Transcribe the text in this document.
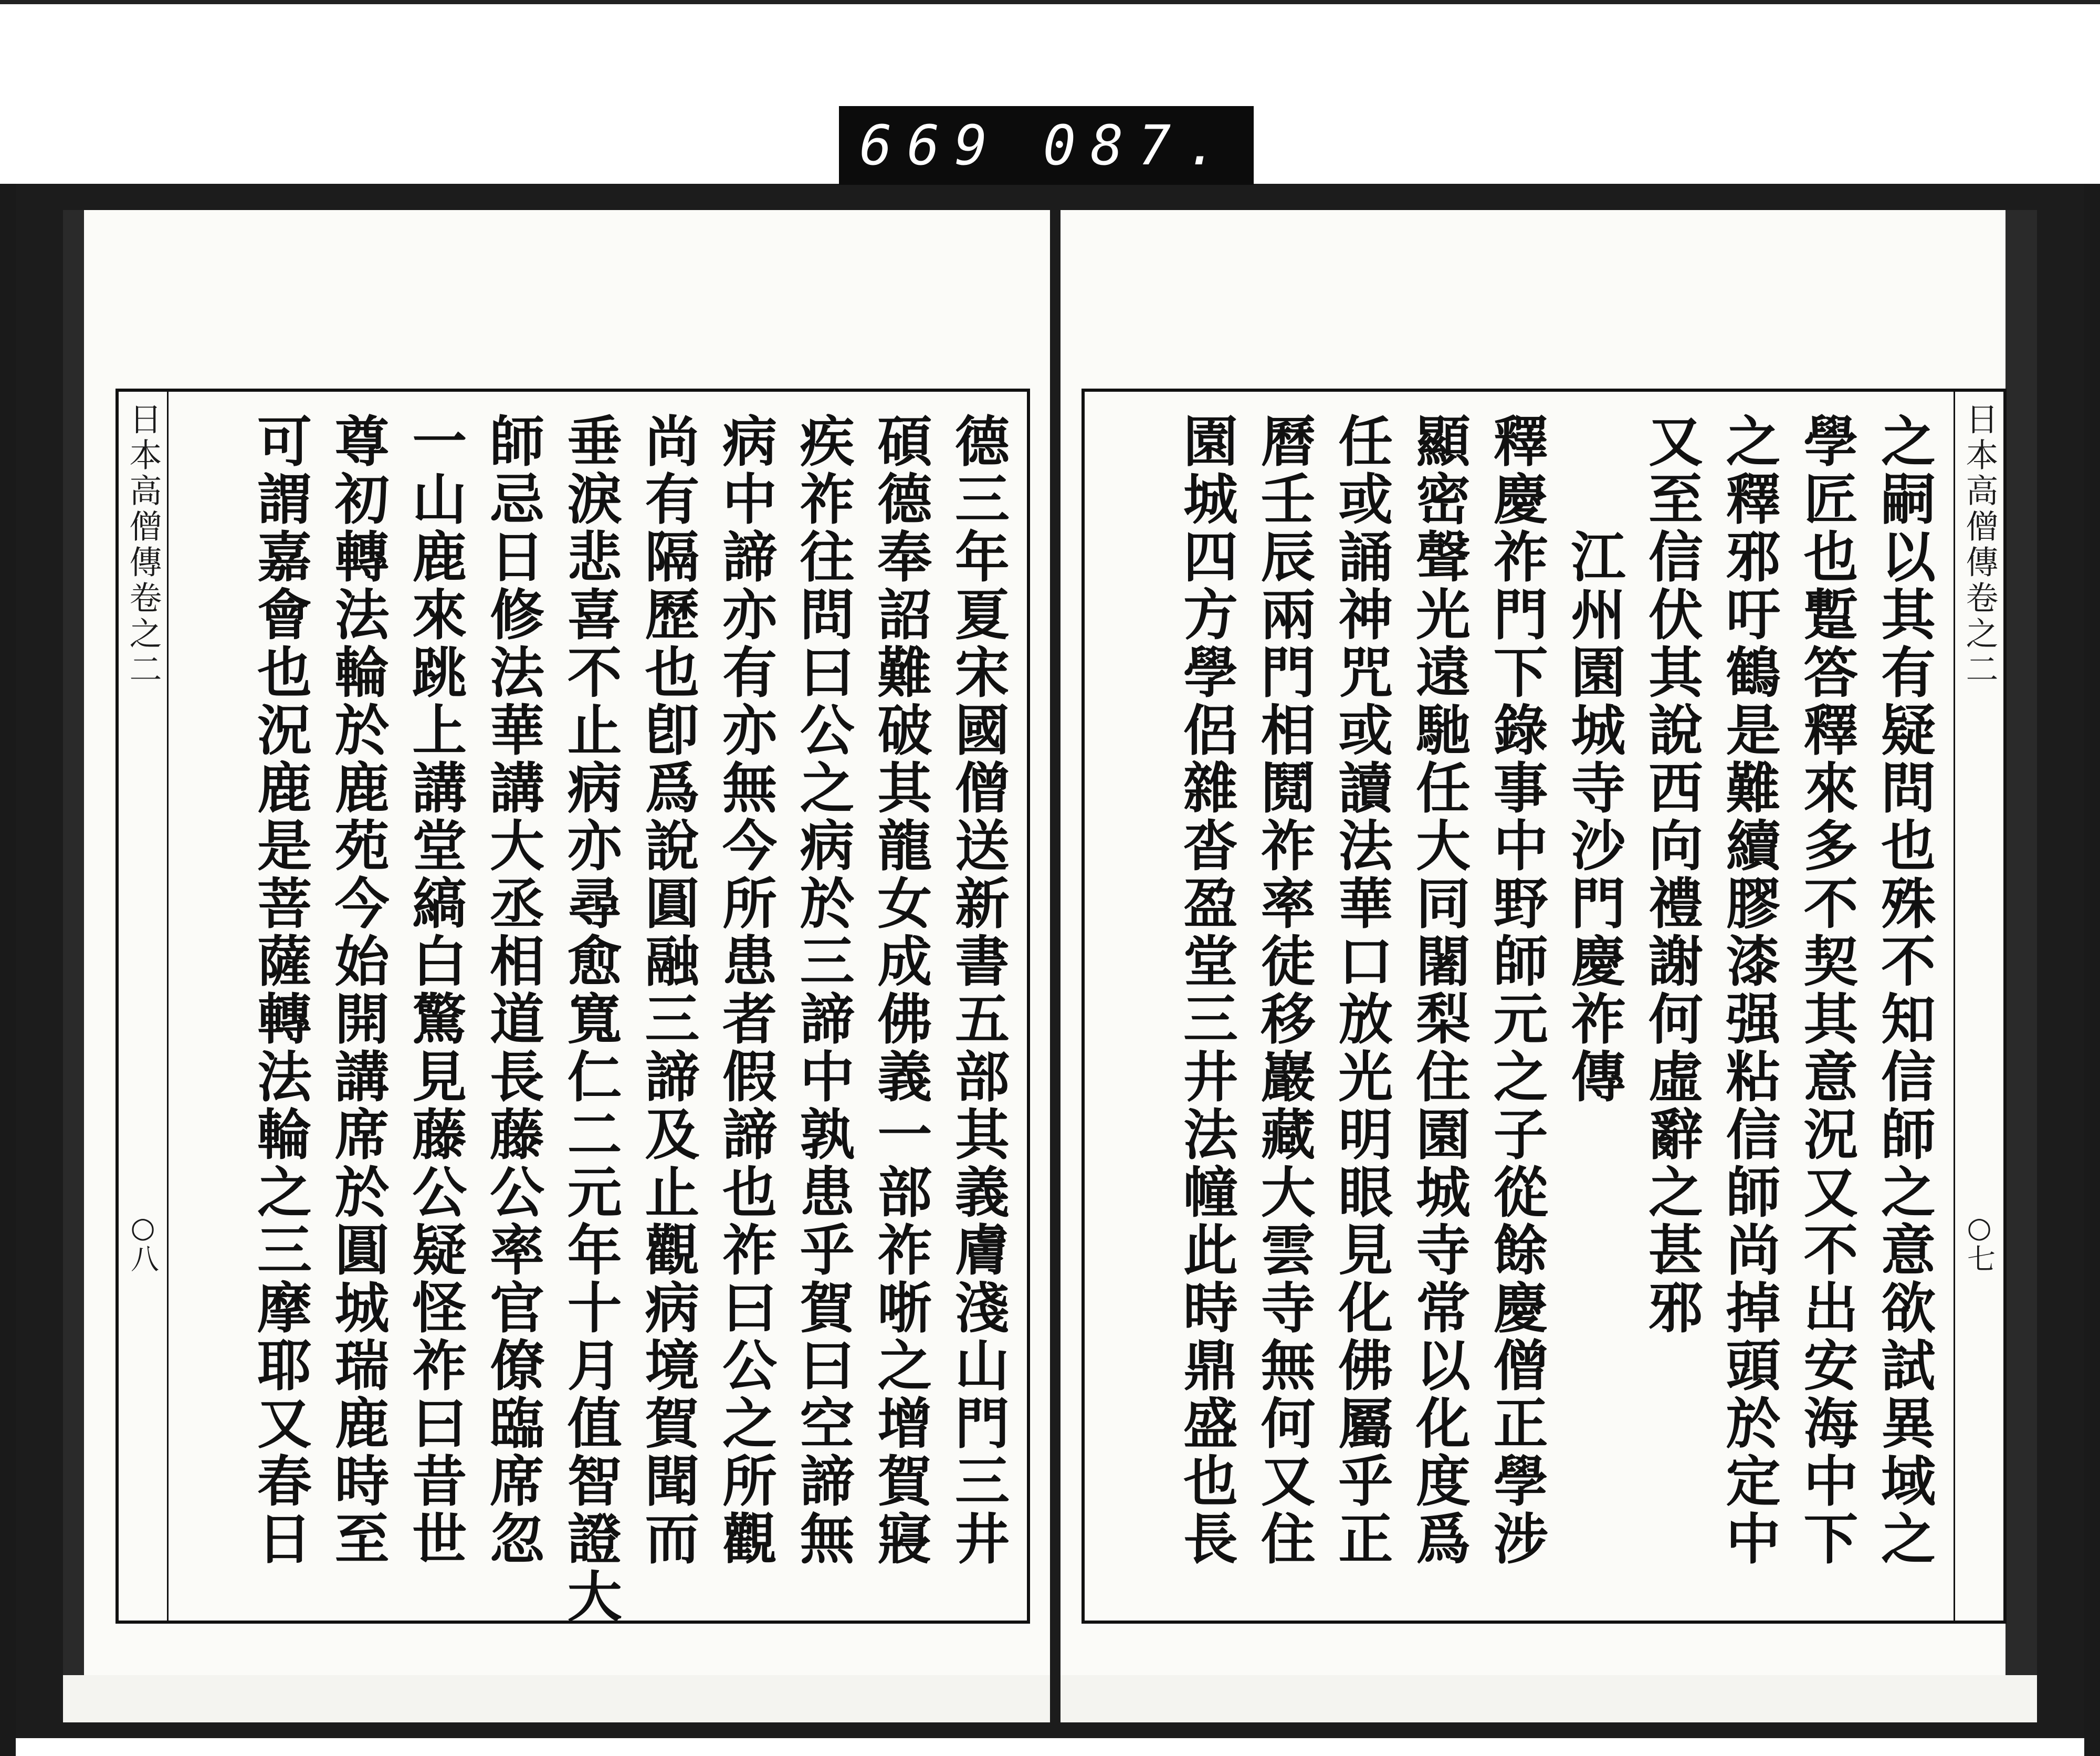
669 087.
日本高僧傳卷之二
○八	德三年夏宋國僧送新書五部其義膚淺山門三井
碩德奉詔難破其龍女成佛義一部祚哳之增賀寢
疾祚往問曰公之病於三諦中孰患乎賀曰空諦無
病中諦亦有亦無今所患者假諦也祚曰公之所觀
尚有隔歷也卽爲說圓融三諦及止觀病境賀聞而
垂淚悲喜不止病亦尋愈寬仁二元年十月值智證大
師忌日修法華講大丞相道長藤公率官僚臨席忽
一山鹿來跳上講堂縞白驚見藤公疑怪祚曰昔世
尊初轉法輪於鹿苑今始開講席於圓城瑞鹿時至
可謂嘉會也況鹿是菩薩轉法輪之三摩耶又春日	之嗣以其有疑問也殊不知信師之意欲試異域之
學匠也蹔答釋來多不契其意況又不出安海中下
之釋邪吁鶴是難續膠漆强粘信師尚掉頭於定中
又至信伏其說西向禮謝何虛辭之甚邪
江州園城寺沙門慶祚傳
釋慶祚門下錄事中野師元之子從餘慶僧正學涉
顯密聲光遠馳任大同闍梨住園城寺常以化度爲
任或誦神咒或讀法華口放光明眼見化佛屬乎正
曆壬辰兩門相鬩祚率徒移巖藏大雲寺無何又住
園城四方學侶雜沓盈堂三井法幢此時鼎盛也長	日本高僧傳卷之二
○七
